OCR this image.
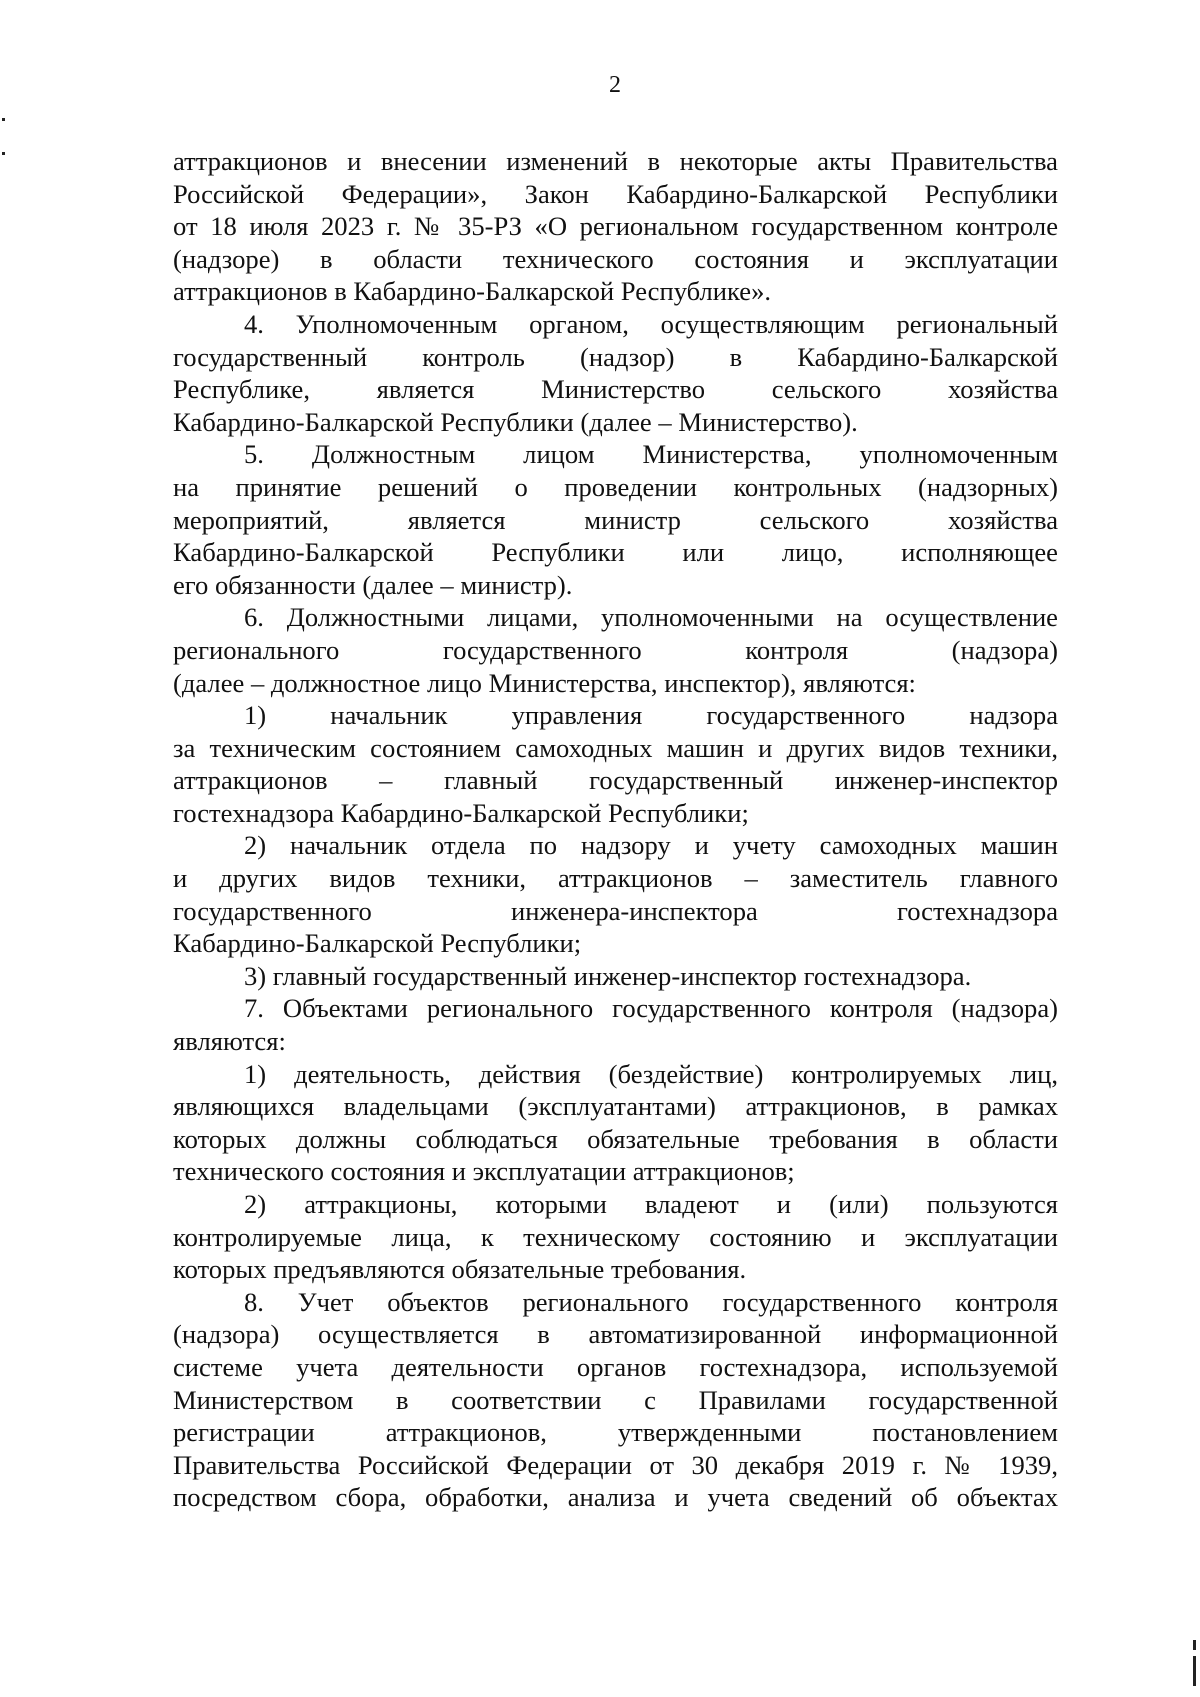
2
аттракционов и внесении изменений в некоторые акты Правительства
Российской Федерации», Закон Кабардино-Балкарской Республики
от 18 июля 2023 г. № 35-РЗ «О региональном государственном контроле
(надзоре) в области технического состояния и эксплуатации
аттракционов в Кабардино-Балкарской Республике».
4. Уполномоченным органом, осуществляющим региональный
государственный контроль (надзор) в Кабардино-Балкарской
Республике, является Министерство сельского хозяйства
Кабардино-Балкарской Республики (далее – Министерство).
5. Должностным лицом Министерства, уполномоченным
на принятие решений о проведении контрольных (надзорных)
мероприятий, является министр сельского хозяйства
Кабардино-Балкарской Республики или лицо, исполняющее
его обязанности (далее – министр).
6. Должностными лицами, уполномоченными на осуществление
регионального государственного контроля (надзора)
(далее – должностное лицо Министерства, инспектор), являются:
1) начальник управления государственного надзора
за техническим состоянием самоходных машин и других видов техники,
аттракционов – главный государственный инженер-инспектор
гостехнадзора Кабардино-Балкарской Республики;
2) начальник отдела по надзору и учету самоходных машин
и других видов техники, аттракционов – заместитель главного
государственного инженера-инспектора гостехнадзора
Кабардино-Балкарской Республики;
3) главный государственный инженер-инспектор гостехнадзора.
7. Объектами регионального государственного контроля (надзора)
являются:
1) деятельность, действия (бездействие) контролируемых лиц,
являющихся владельцами (эксплуатантами) аттракционов, в рамках
которых должны соблюдаться обязательные требования в области
технического состояния и эксплуатации аттракционов;
2) аттракционы, которыми владеют и (или) пользуются
контролируемые лица, к техническому состоянию и эксплуатации
которых предъявляются обязательные требования.
8. Учет объектов регионального государственного контроля
(надзора) осуществляется в автоматизированной информационной
системе учета деятельности органов гостехнадзора, используемой
Министерством в соответствии с Правилами государственной
регистрации аттракционов, утвержденными постановлением
Правительства Российской Федерации от 30 декабря 2019 г. № 1939,
посредством сбора, обработки, анализа и учета сведений об объектах
